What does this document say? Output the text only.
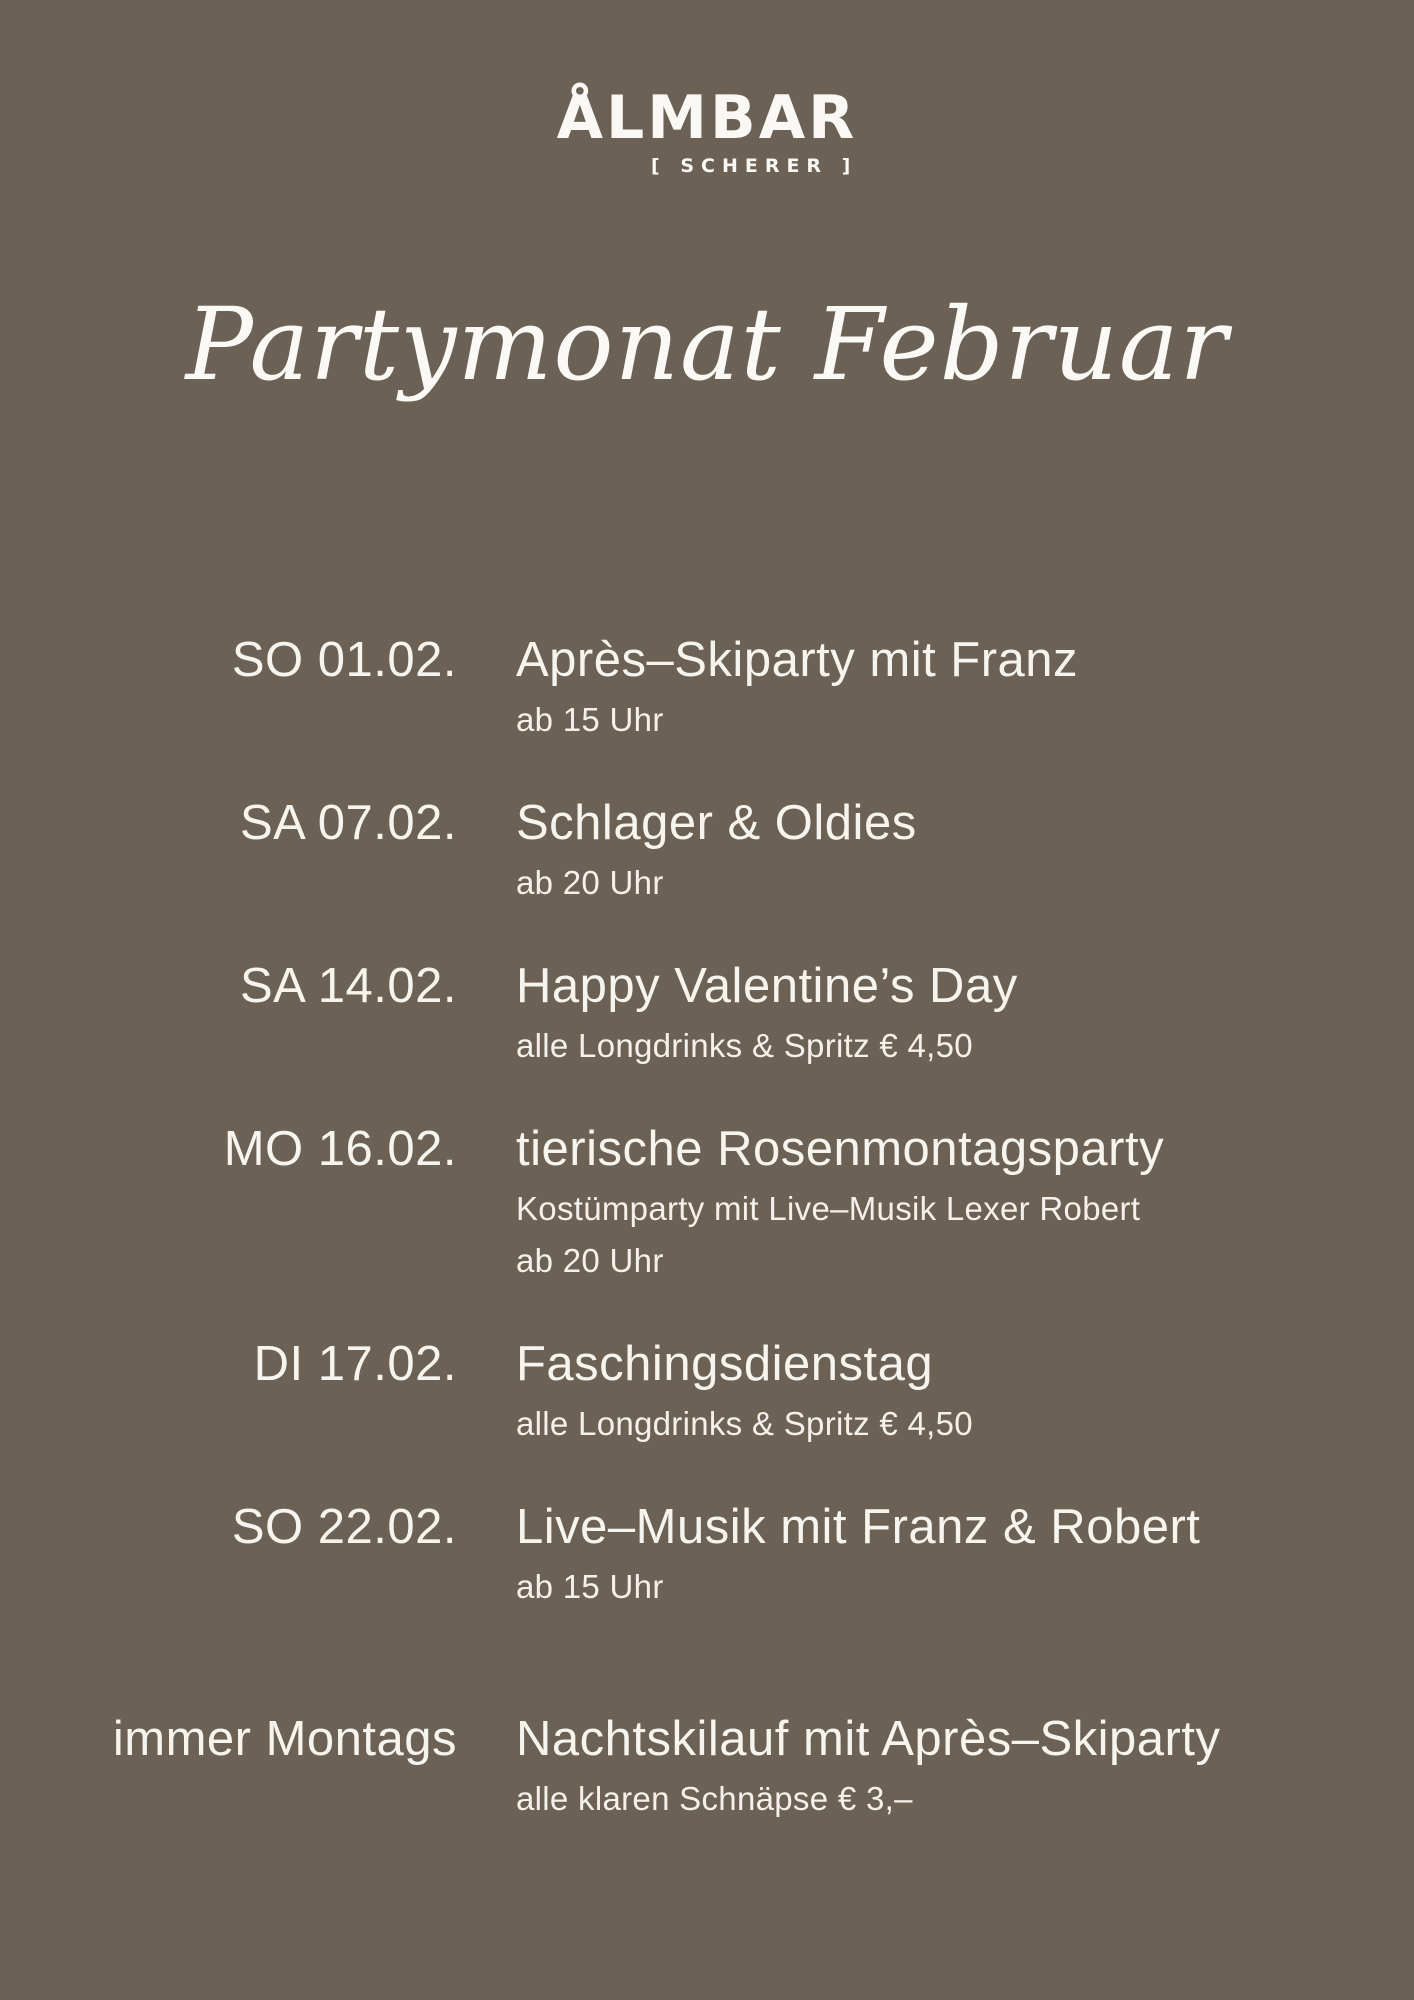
ÅLMBAR
[ SCHERER ]
Partymonat Februar
SO 01.02. Après–Skiparty mit Franz
ab 15 Uhr
SA 07.02. Schlager & Oldies
ab 20 Uhr
SA 14.02. Happy Valentine’s Day
alle Longdrinks & Spritz € 4,50
MO 16.02. tierische Rosenmontagsparty
Kostümparty mit Live–Musik Lexer Robert
ab 20 Uhr
DI 17.02. Faschingsdienstag
alle Longdrinks & Spritz € 4,50
SO 22.02. Live–Musik mit Franz & Robert
ab 15 Uhr
immer Montags Nachtskilauf mit Après–Skiparty
alle klaren Schnäpse € 3,–
